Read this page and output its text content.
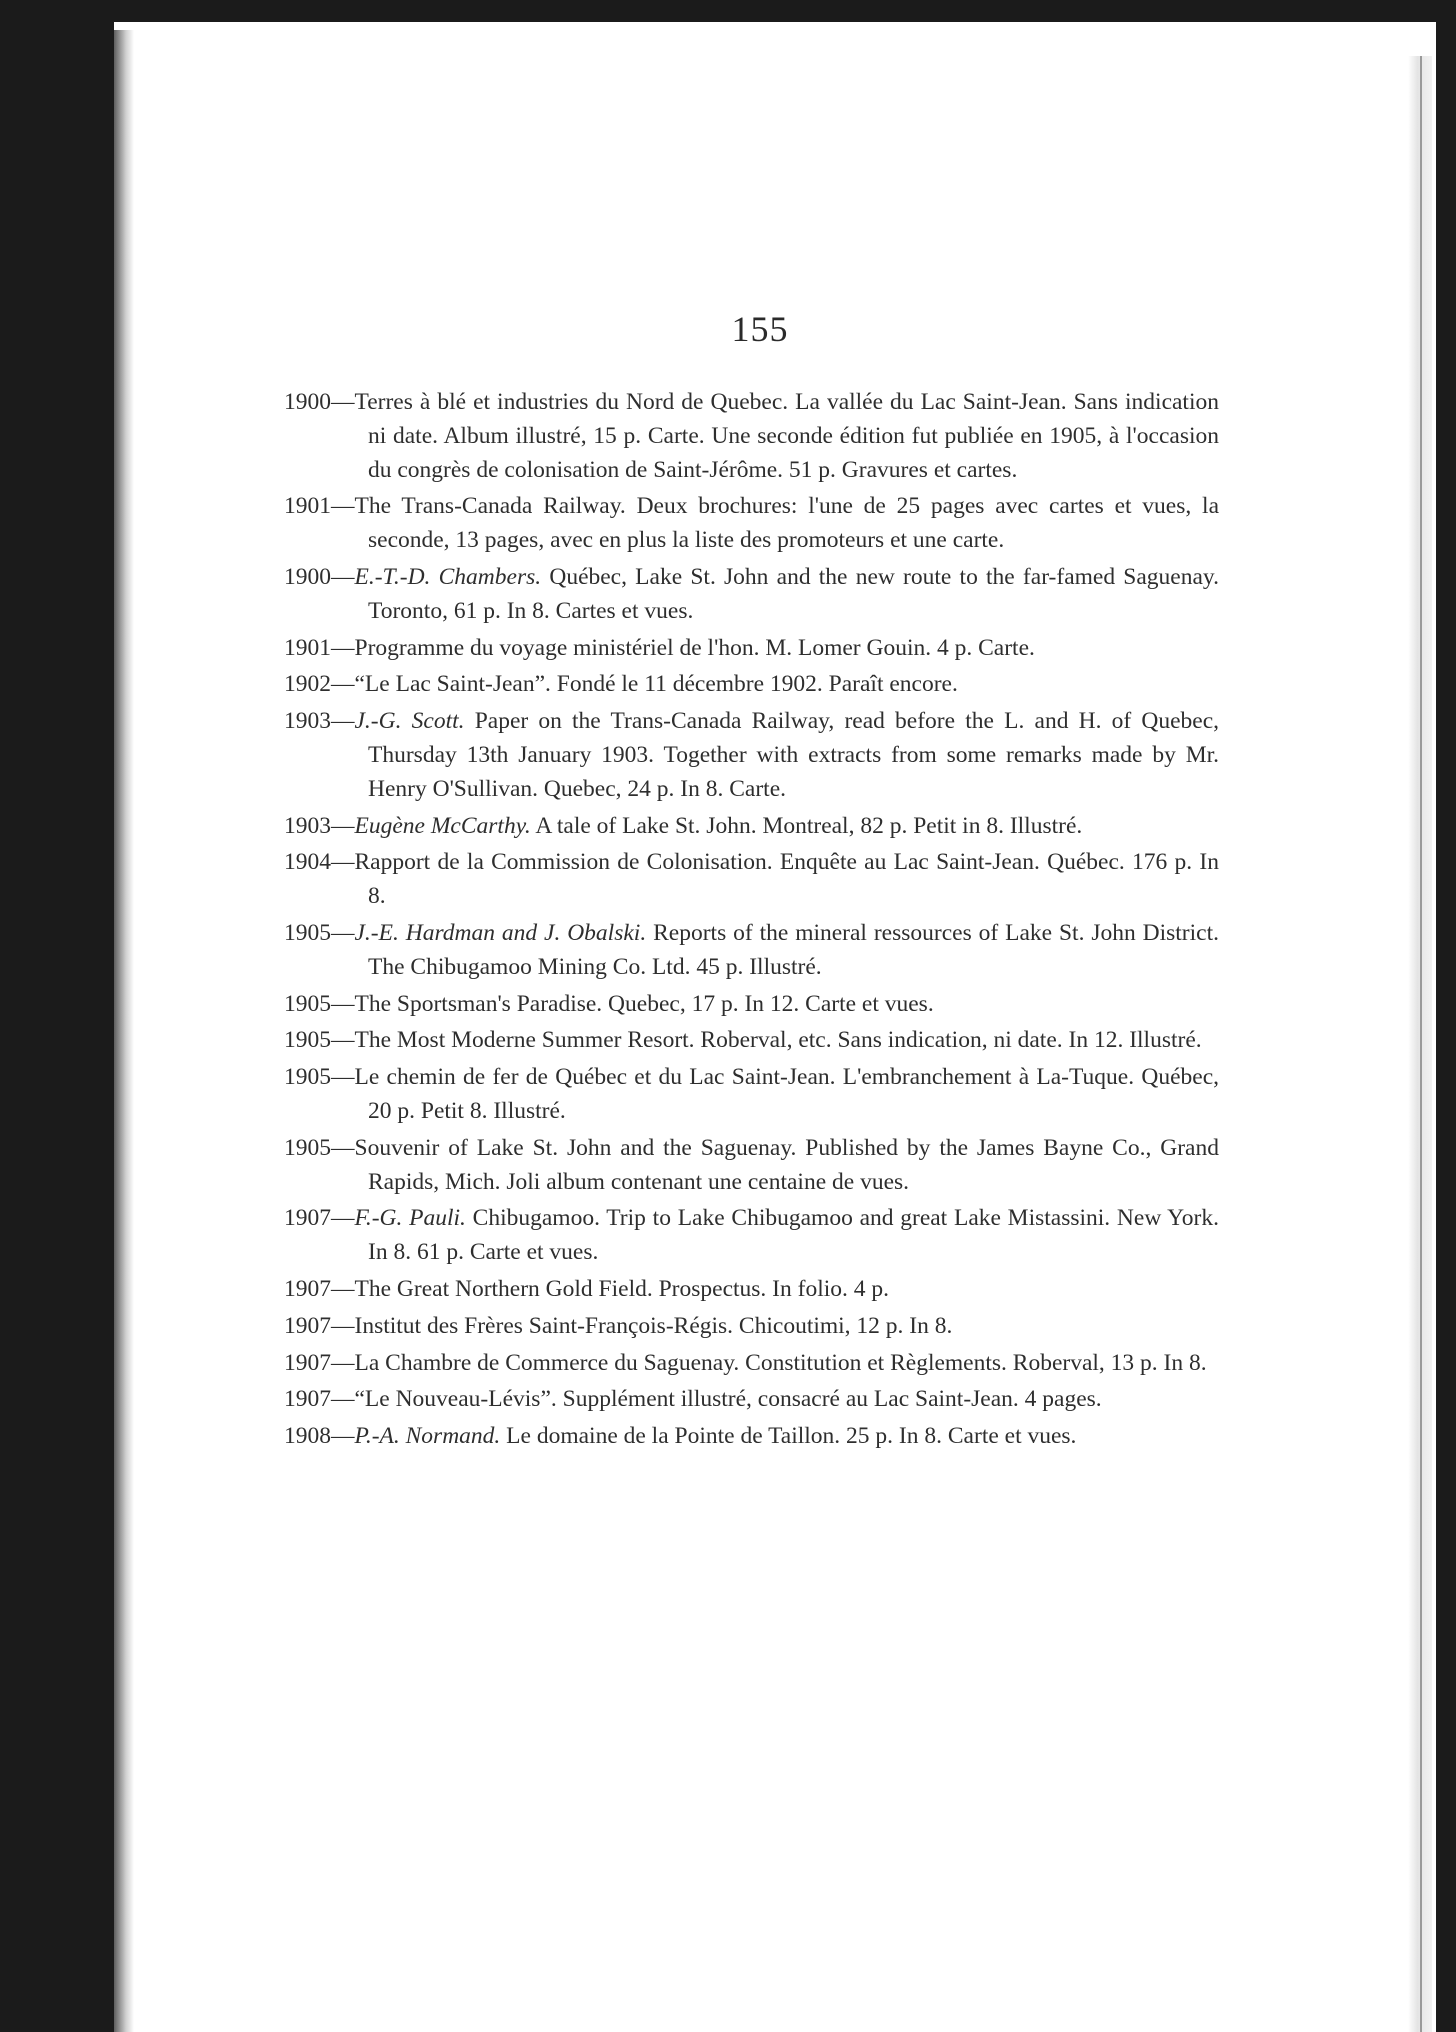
155

1900—Terres à blé et industries du Nord de Quebec. La vallée du Lac Saint-Jean. Sans indication ni date. Album illustré, 15 p. Carte. Une seconde édition fut publiée en 1905, à l'occasion du congrès de colonisation de Saint-Jérôme. 51 p. Gravures et cartes.

1901—The Trans-Canada Railway. Deux brochures: l'une de 25 pages avec cartes et vues, la seconde, 13 pages, avec en plus la liste des promoteurs et une carte.

1900—E.-T.-D. Chambers. Québec, Lake St. John and the new route to the far-famed Saguenay. Toronto, 61 p. In 8. Cartes et vues.

1901—Programme du voyage ministériel de l'hon. M. Lomer Gouin. 4 p. Carte.

1902—“Le Lac Saint-Jean”. Fondé le 11 décembre 1902. Paraît encore.

1903—J.-G. Scott. Paper on the Trans-Canada Railway, read before the L. and H. of Quebec, Thursday 13th January 1903. Together with extracts from some remarks made by Mr. Henry O'Sullivan. Quebec, 24 p. In 8. Carte.

1903—Eugène McCarthy. A tale of Lake St. John. Montreal, 82 p. Petit in 8. Illustré.

1904—Rapport de la Commission de Colonisation. Enquête au Lac Saint-Jean. Québec. 176 p. In 8.

1905—J.-E. Hardman and J. Obalski. Reports of the mineral ressources of Lake St. John District. The Chibugamoo Mining Co. Ltd. 45 p. Illustré.

1905—The Sportsman's Paradise. Quebec, 17 p. In 12. Carte et vues.

1905—The Most Moderne Summer Resort. Roberval, etc. Sans indication, ni date. In 12. Illustré.

1905—Le chemin de fer de Québec et du Lac Saint-Jean. L'embranchement à La-Tuque. Québec, 20 p. Petit 8. Illustré.

1905—Souvenir of Lake St. John and the Saguenay. Published by the James Bayne Co., Grand Rapids, Mich. Joli album contenant une centaine de vues.

1907—F.-G. Pauli. Chibugamoo. Trip to Lake Chibugamoo and great Lake Mistassini. New York. In 8. 61 p. Carte et vues.

1907—The Great Northern Gold Field. Prospectus. In folio. 4 p.

1907—Institut des Frères Saint-François-Régis. Chicoutimi, 12 p. In 8.

1907—La Chambre de Commerce du Saguenay. Constitution et Règlements. Roberval, 13 p. In 8.

1907—“Le Nouveau-Lévis”. Supplément illustré, consacré au Lac Saint-Jean. 4 pages.

1908—P.-A. Normand. Le domaine de la Pointe de Taillon. 25 p. In 8. Carte et vues.
